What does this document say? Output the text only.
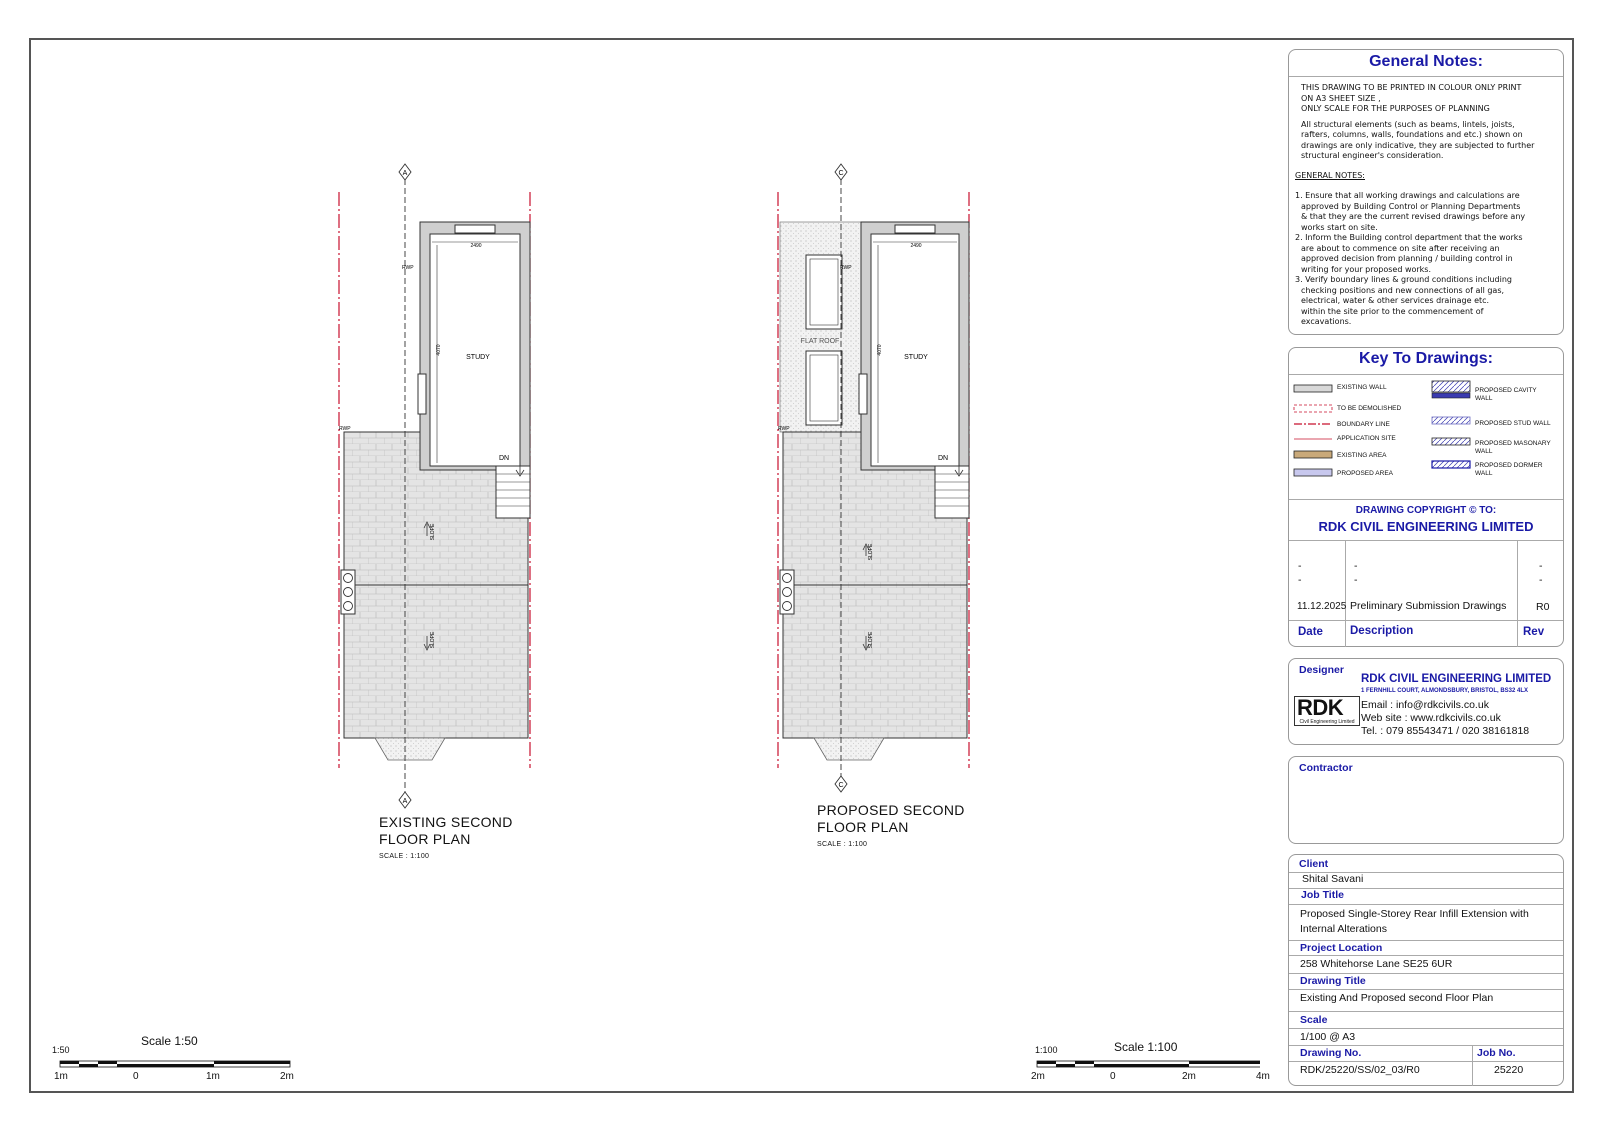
A
A
STUDY
2490
4070
DN
RWP
RWP
SLOPE
SLOPE
C
C
STUDY
2490
4070
DN
FLAT ROOF
RWP
RWP
SLOPE
SLOPE
EXISTING SECOND
FLOOR PLAN
SCALE : 1:100
PROPOSED SECOND
FLOOR PLAN
SCALE : 1:100
1:50
Scale 1:50
1m	0	1m	2m
1:100	Scale 1:100
2m	0	2m	4m
General Notes:
THIS DRAWING TO BE PRINTED IN COLOUR ONLY PRINT
ON A3 SHEET SIZE ,
ONLY SCALE FOR THE PURPOSES OF PLANNING
All structural elements (such as beams, lintels, joists,
rafters, columns, walls, foundations and etc.) shown on
drawings are only indicative, they are subjected to further
structural engineer's consideration.
GENERAL NOTES:
1. Ensure that all working drawings and calculations are
approved by Building Control or Planning Departments
& that they are the current revised drawings before any
works start on site.
2. Inform the Building control department that the works
are about to commence on site after receiving an
approved decision from planning / building control in
writing for your proposed works.
3. Verify boundary lines & ground conditions including
checking positions and new connections of all gas,
electrical, water & other services drainage etc.
within the site prior to the commencement of
excavations.
Key To Drawings:
EXISTING WALL
TO BE DEMOLISHED
BOUNDARY LINE
APPLICATION SITE
EXISTING AREA
PROPOSED AREA
PROPOSED CAVITY
WALL
PROPOSED STUD WALL
PROPOSED MASONARY
WALL
PROPOSED DORMER
WALL
DRAWING COPYRIGHT © TO:
RDK CIVIL ENGINEERING LIMITED
-	-	-
-	-	-
11.12.2025 Preliminary Submission Drawings	R0
Date Description	Rev
Designer
RDK
Civil Engineering Limited
RDK CIVIL ENGINEERING LIMITED
1 FERNHILL COURT, ALMONDSBURY, BRISTOL, BS32 4LX
Email : info@rdkcivils.co.uk
Web site : www.rdkcivils.co.uk
Tel. : 079 85543471 / 020 38161818
Contractor
Client
Shital Savani
Job Title
Proposed Single-Storey Rear Infill Extension with
Internal Alterations
Project Location
258 Whitehorse Lane SE25 6UR
Drawing Title
Existing And Proposed second Floor Plan
Scale
1/100 @ A3
Drawing No.	Job No.
RDK/25220/SS/02_03/R0	25220
